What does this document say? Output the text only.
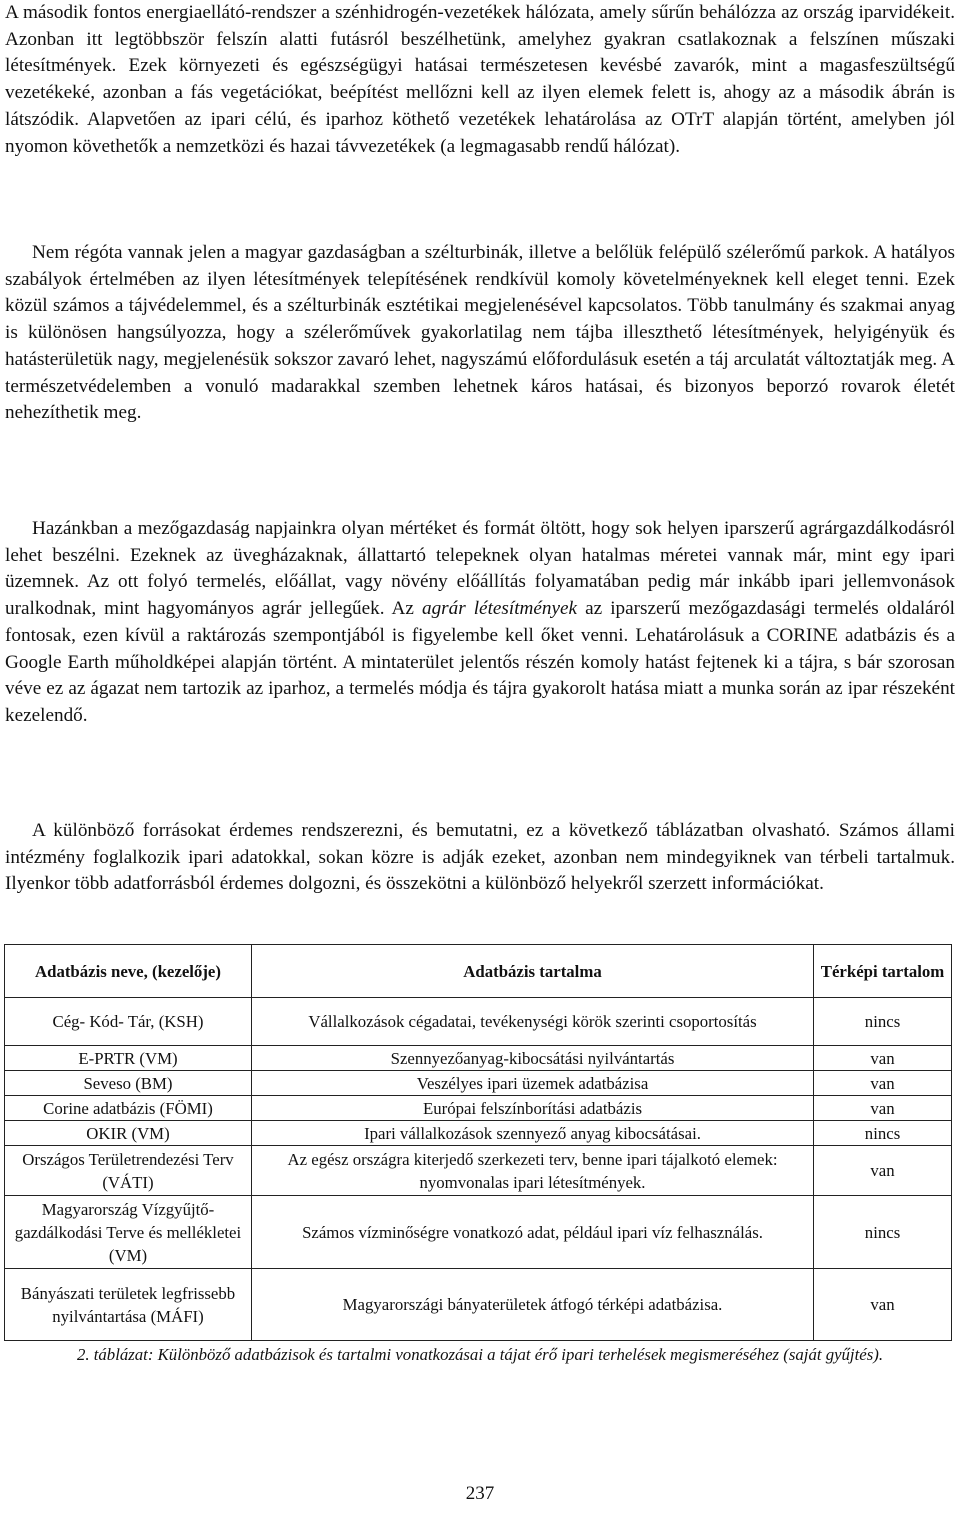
A második fontos energiaellátó-rendszer a szénhidrogén-vezetékek hálózata, amely sűrűn behálózza az ország iparvidékeit. Azonban itt legtöbbször felszín alatti futásról beszélhetünk, amelyhez gyakran csatlakoznak a felszínen műszaki létesítmények. Ezek környezeti és egészségügyi hatásai természetesen kevésbé zavarók, mint a magasfeszültségű vezetékeké, azonban a fás vegetációkat, beépítést mellőzni kell az ilyen elemek felett is, ahogy az a második ábrán is látszódik. Alapvetően az ipari célú, és iparhoz köthető vezetékek lehatárolása az OTrT alapján történt, amelyben jól nyomon követhetők a nemzetközi és hazai távvezetékek (a legmagasabb rendű hálózat).

Nem régóta vannak jelen a magyar gazdaságban a szélturbinák, illetve a belőlük felépülő szélerőmű parkok. A hatályos szabályok értelmében az ilyen létesítmények telepítésének rendkívül komoly követelményeknek kell eleget tenni. Ezek közül számos a tájvédelemmel, és a szélturbinák esztétikai megjelenésével kapcsolatos. Több tanulmány és szakmai anyag is különösen hangsúlyozza, hogy a szélerőművek gyakorlatilag nem tájba illeszthető létesítmények, helyigényük és hatásterületük nagy, megjelenésük sokszor zavaró lehet, nagyszámú előfordulásuk esetén a táj arculatát változtatják meg. A természetvédelemben a vonuló madarakkal szemben lehetnek káros hatásai, és bizonyos beporzó rovarok életét nehezíthetik meg.

Hazánkban a mezőgazdaság napjainkra olyan mértéket és formát öltött, hogy sok helyen iparszerű agrárgazdálkodásról lehet beszélni. Ezeknek az üvegházaknak, állattartó telepeknek olyan hatalmas méretei vannak már, mint egy ipari üzemnek. Az ott folyó termelés, előállat, vagy növény előállítás folyamatában pedig már inkább ipari jellemvonások uralkodnak, mint hagyományos agrár jellegűek. Az agrár létesítmények az iparszerű mezőgazdasági termelés oldaláról fontosak, ezen kívül a raktározás szempontjából is figyelembe kell őket venni. Lehatárolásuk a CORINE adatbázis és a Google Earth műholdképei alapján történt. A mintaterület jelentős részén komoly hatást fejtenek ki a tájra, s bár szorosan véve ez az ágazat nem tartozik az iparhoz, a termelés módja és tájra gyakorolt hatása miatt a munka során az ipar részeként kezelendő.

A különböző forrásokat érdemes rendszerezni, és bemutatni, ez a következő táblázatban olvasható. Számos állami intézmény foglalkozik ipari adatokkal, sokan közre is adják ezeket, azonban nem mindegyiknek van térbeli tartalmuk. Ilyenkor több adatforrásból érdemes dolgozni, és összekötni a különböző helyekről szerzett információkat.

Adatbázis neve, (kezelője)	Adatbázis tartalma	Térképi tartalom
Cég- Kód- Tár, (KSH)	Vállalkozások cégadatai, tevékenységi körök szerinti csoportosítás	nincs
E-PRTR (VM)	Szennyezőanyag-kibocsátási nyilvántartás	van
Seveso (BM)	Veszélyes ipari üzemek adatbázisa	van
Corine adatbázis (FÖMI)	Európai felszínborítási adatbázis	van
OKIR (VM)	Ipari vállalkozások szennyező anyag kibocsátásai.	nincs
Országos Területrendezési Terv (VÁTI)	Az egész országra kiterjedő szerkezeti terv, benne ipari tájalkotó elemek: nyomvonalas ipari létesítmények.	van
Magyarország Vízgyűjtő-gazdálkodási Terve és mellékletei (VM)	Számos vízminőségre vonatkozó adat, például ipari víz felhasználás.	nincs
Bányászati területek legfrissebb nyilvántartása (MÁFI)	Magyarországi bányaterületek átfogó térképi adatbázisa.	van
2. táblázat: Különböző adatbázisok és tartalmi vonatkozásai a tájat érő ipari terhelések megismeréséhez (saját gyűjtés).
237
